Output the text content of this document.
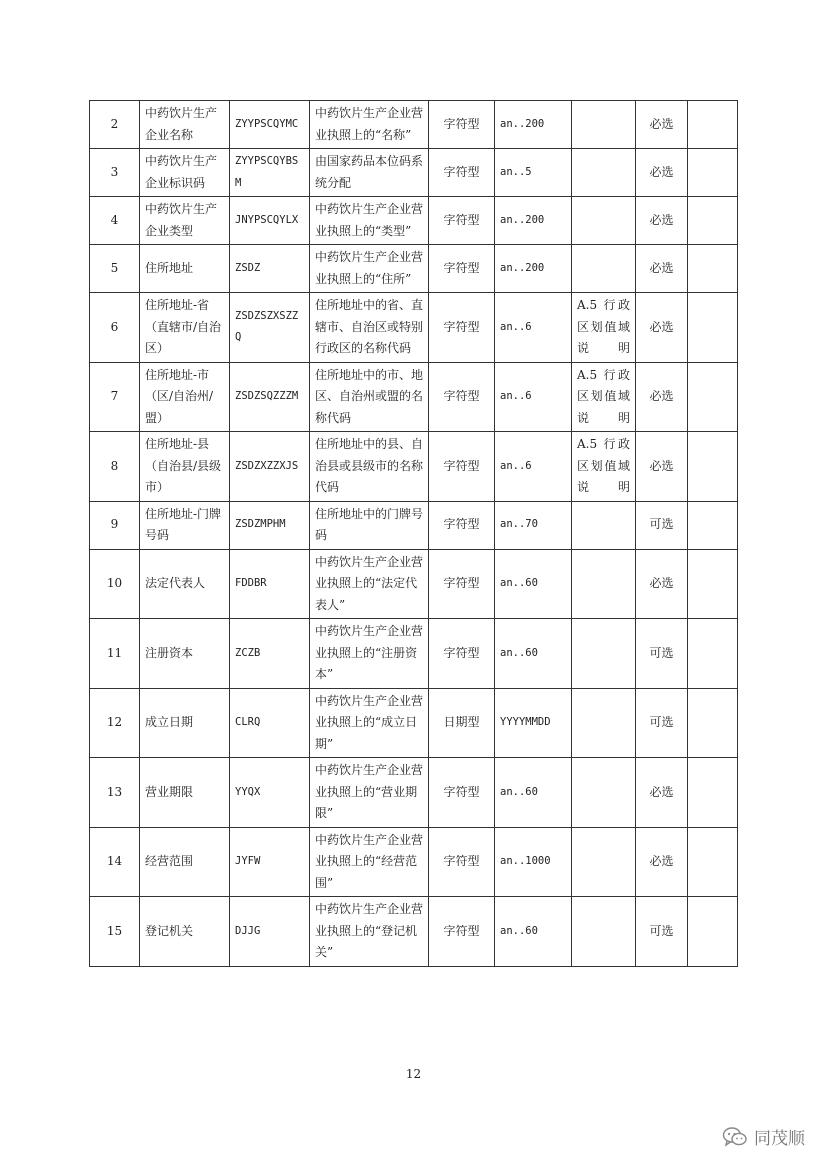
2	中药饮片生产企业名称	ZYYPSCQYMC	中药饮片生产企业营业执照上的“名称”	字符型	an..200		必选	
3	中药饮片生产企业标识码	ZYYPSCQYBSM	由国家药品本位码系统分配	字符型	an..5		必选	
4	中药饮片生产企业类型	JNYPSCQYLX	中药饮片生产企业营业执照上的“类型”	字符型	an..200		必选	
5	住所地址	ZSDZ	中药饮片生产企业营业执照上的“住所”	字符型	an..200		必选	
6	住所地址-省（直辖市/自治区）	ZSDZSZXSZZQ	住所地址中的省、直辖市、自治区或特别行政区的名称代码	字符型	an..6	A.5 行政区划值域说明	必选	
7	住所地址-市（区/自治州/盟）	ZSDZSQZZZM	住所地址中的市、地区、自治州或盟的名称代码	字符型	an..6	A.5 行政区划值域说明	必选	
8	住所地址-县（自治县/县级市）	ZSDZXZZXJS	住所地址中的县、自治县或县级市的名称代码	字符型	an..6	A.5 行政区划值域说明	必选	
9	住所地址-门牌号码	ZSDZMPHM	住所地址中的门牌号码	字符型	an..70		可选	
10	法定代表人	FDDBR	中药饮片生产企业营业执照上的“法定代表人”	字符型	an..60		必选	
11	注册资本	ZCZB	中药饮片生产企业营业执照上的“注册资本”	字符型	an..60		可选	
12	成立日期	CLRQ	中药饮片生产企业营业执照上的“成立日期”	日期型	YYYYMMDD		可选	
13	营业期限	YYQX	中药饮片生产企业营业执照上的“营业期限”	字符型	an..60		必选	
14	经营范围	JYFW	中药饮片生产企业营业执照上的“经营范围”	字符型	an..1000		必选	
15	登记机关	DJJG	中药饮片生产企业营业执照上的“登记机关”	字符型	an..60		可选	
12
同茂顺
